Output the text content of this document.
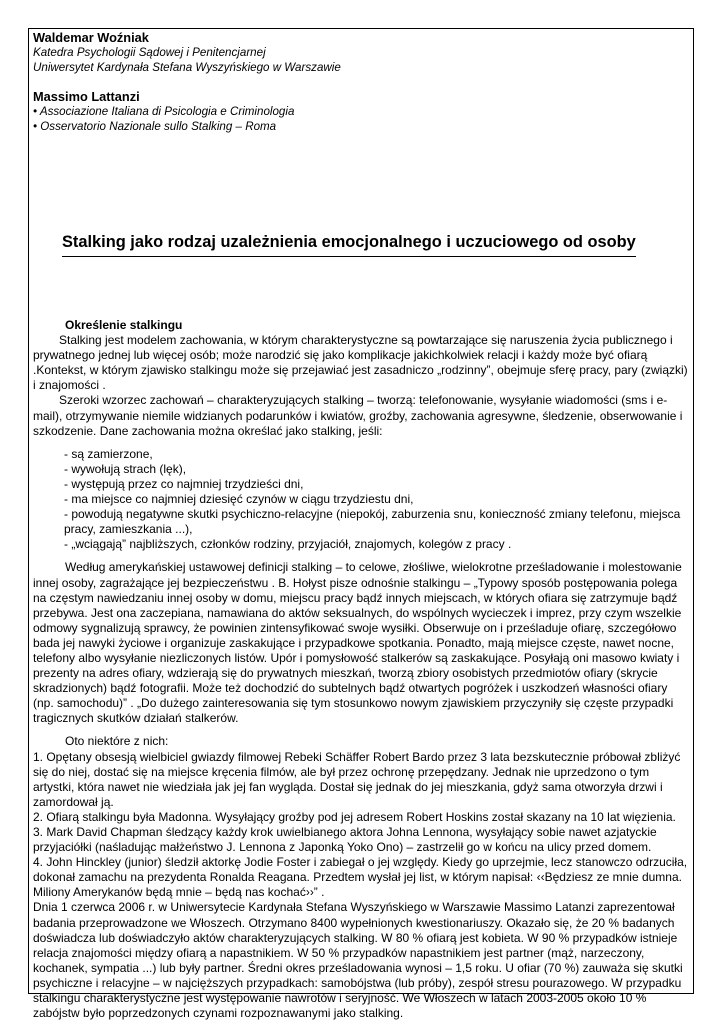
Waldemar Woźniak
Katedra Psychologii Sądowej i Penitencjarnej
Uniwersytet Kardynała Stefana Wyszyńskiego w Warszawie
Massimo Lattanzi
• Associazione Italiana di Psicologia e Criminologia
• Osservatorio Nazionale sullo Stalking – Roma
Stalking jako rodzaj uzależnienia emocjonalnego i uczuciowego od osoby
Określenie stalkingu

Stalking jest modelem zachowania, w którym charakterystyczne są powtarzające się naruszenia życia publicznego i prywatnego jednej lub więcej osób; może narodzić się jako komplikacje jakichkolwiek relacji i każdy może być ofiarą .Kontekst, w którym zjawisko stalkingu może się przejawiać jest zasadniczo „rodzinny”, obejmuje sferę pracy, pary (związki) i znajomości .

Szeroki wzorzec zachowań – charakteryzujących stalking – tworzą: telefonowanie, wysyłanie wiadomości (sms i e-mail), otrzymywanie niemile widzianych podarunków i kwiatów, groźby, zachowania agresywne, śledzenie, obserwowanie i szkodzenie. Dane zachowania można określać jako stalking, jeśli:

- są zamierzone,
- wywołują strach (lęk),
- występują przez co najmniej trzydzieści dni,
- ma miejsce co najmniej dziesięć czynów w ciągu trzydziestu dni,
- powodują negatywne skutki psychiczno-relacyjne (niepokój, zaburzenia snu, konieczność zmiany telefonu, miejsca pracy, zamieszkania ...),
- „wciągają” najbliższych, członków rodziny, przyjaciół, znajomych, kolegów z pracy .

Według amerykańskiej ustawowej definicji stalking – to celowe, złośliwe, wielokrotne prześladowanie i molestowanie innej osoby, zagrażające jej bezpieczeństwu . B. Hołyst pisze odnośnie stalkingu – „Typowy sposób postępowania polega na częstym nawiedzaniu innej osoby w domu, miejscu pracy bądź innych miejscach, w których ofiara się zatrzymuje bądź przebywa. Jest ona zaczepiana, namawiana do aktów seksualnych, do wspólnych wycieczek i imprez, przy czym wszelkie odmowy sygnalizują sprawcy, że powinien zintensyfikować swoje wysiłki. Obserwuje on i prześladuje ofiarę, szczegółowo bada jej nawyki życiowe i organizuje zaskakujące i przypadkowe spotkania. Ponadto, mają miejsce częste, nawet nocne, telefony albo wysyłanie niezliczonych listów. Upór i pomysłowość stalkerów są zaskakujące. Posyłają oni masowo kwiaty i prezenty na adres ofiary, wdzierają się do prywatnych mieszkań, tworzą zbiory osobistych przedmiotów ofiary (skrycie skradzionych) bądź fotografii. Może też dochodzić do subtelnych bądź otwartych pogróżek i uszkodzeń własności ofiary (np. samochodu)” . „Do dużego zainteresowania się tym stosunkowo nowym zjawiskiem przyczyniły się częste przypadki tragicznych skutków działań stalkerów.

Oto niektóre z nich:

1. Opętany obsesją wielbiciel gwiazdy filmowej Rebeki Schäffer Robert Bardo przez 3 lata bezskutecznie próbował zbliżyć się do niej, dostać się na miejsce kręcenia filmów, ale był przez ochronę przepędzany. Jednak nie uprzedzono o tym artystki, która nawet nie wiedziała jak jej fan wygląda. Dostał się jednak do jej mieszkania, gdyż sama otworzyła drzwi i zamordował ją.

2. Ofiarą stalkingu była Madonna. Wysyłający groźby pod jej adresem Robert Hoskins został skazany na 10 lat więzienia.

3. Mark David Chapman śledzący każdy krok uwielbianego aktora Johna Lennona, wysyłający sobie nawet azjatyckie przyjaciółki (naśladując małżeństwo J. Lennona z Japonką Yoko Ono) – zastrzelił go w końcu na ulicy przed domem.

4. John Hinckley (junior) śledził aktorkę Jodie Foster i zabiegał o jej względy. Kiedy go uprzejmie, lecz stanowczo odrzuciła, dokonał zamachu na prezydenta Ronalda Reagana. Przedtem wysłał jej list, w którym napisał: ‹‹Będziesz ze mnie dumna. Miliony Amerykanów będą mnie – będą nas kochać››” .

Dnia 1 czerwca 2006 r. w Uniwersytecie Kardynała Stefana Wyszyńskiego w Warszawie Massimo Latanzi zaprezentował badania przeprowadzone we Włoszech. Otrzymano 8400 wypełnionych kwestionariuszy. Okazało się, że 20 % badanych doświadcza lub doświadczyło aktów charakteryzujących stalking. W 80 % ofiarą jest kobieta. W 90 % przypadków istnieje relacja znajomości między ofiarą a napastnikiem. W 50 % przypadków napastnikiem jest partner (mąż, narzeczony, kochanek, sympatia ...) lub były partner. Średni okres prześladowania wynosi – 1,5 roku. U ofiar (70 %) zauważa się skutki psychiczne i relacyjne – w najcięższych przypadkach: samobójstwa (lub próby), zespół stresu pourazowego. W przypadku stalkingu charakterystyczne jest występowanie nawrotów i seryjność. We Włoszech w latach 2003-2005 około 10 % zabójstw było poprzedzonych czynami rozpoznawanymi jako stalking.
